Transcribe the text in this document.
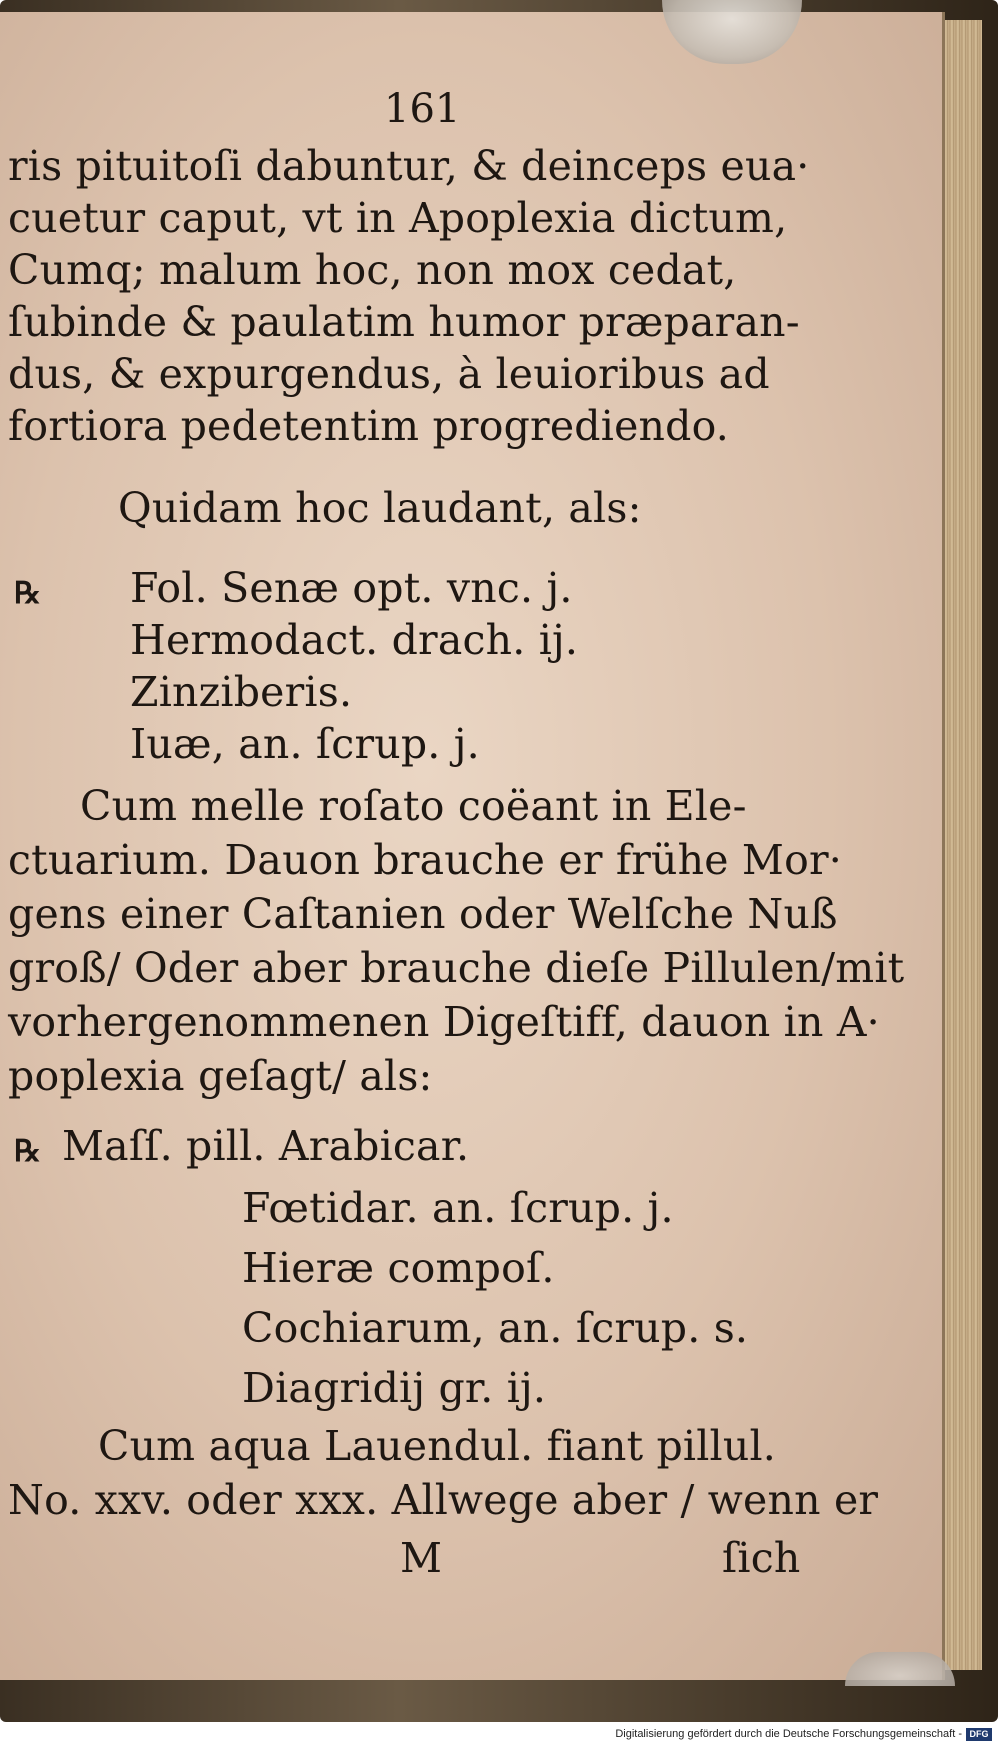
161

ris pituitoſi dabuntur, & deinceps eua·

cuetur caput, vt in Apoplexia dictum,

Cumq; malum hoc, non mox cedat,

ſubinde & paulatim humor præparan-

dus, & expurgendus, à leuioribus ad

fortiora pedetentim progrediendo.

Quidam hoc laudant, als:

℞ Fol. Senæ opt. vnc. j.

Hermodact. drach. ij.

Zinziberis.

Iuæ, an. ſcrup. j.

Cum melle roſato coëant in Ele-

ctuarium. Dauon brauche er frühe Mor·

gens einer Caſtanien oder Welſche Nuß

groß/ Oder aber brauche dieſe Pillulen/mit

vorhergenommenen Digeſtiff, dauon in A·

poplexia geſagt/ als:

℞ Maſſ. pill. Arabicar.

Fœtidar. an. ſcrup. j.

Hieræ compoſ.

Cochiarum, an. ſcrup. s.

Diagridij gr. ij.

Cum aqua Lauendul. fiant pillul.

No. xxv. oder xxx. Allwege aber / wenn er

M	ſich

Digitalisierung gefördert durch die Deutsche Forschungsgemeinschaft - DFG
